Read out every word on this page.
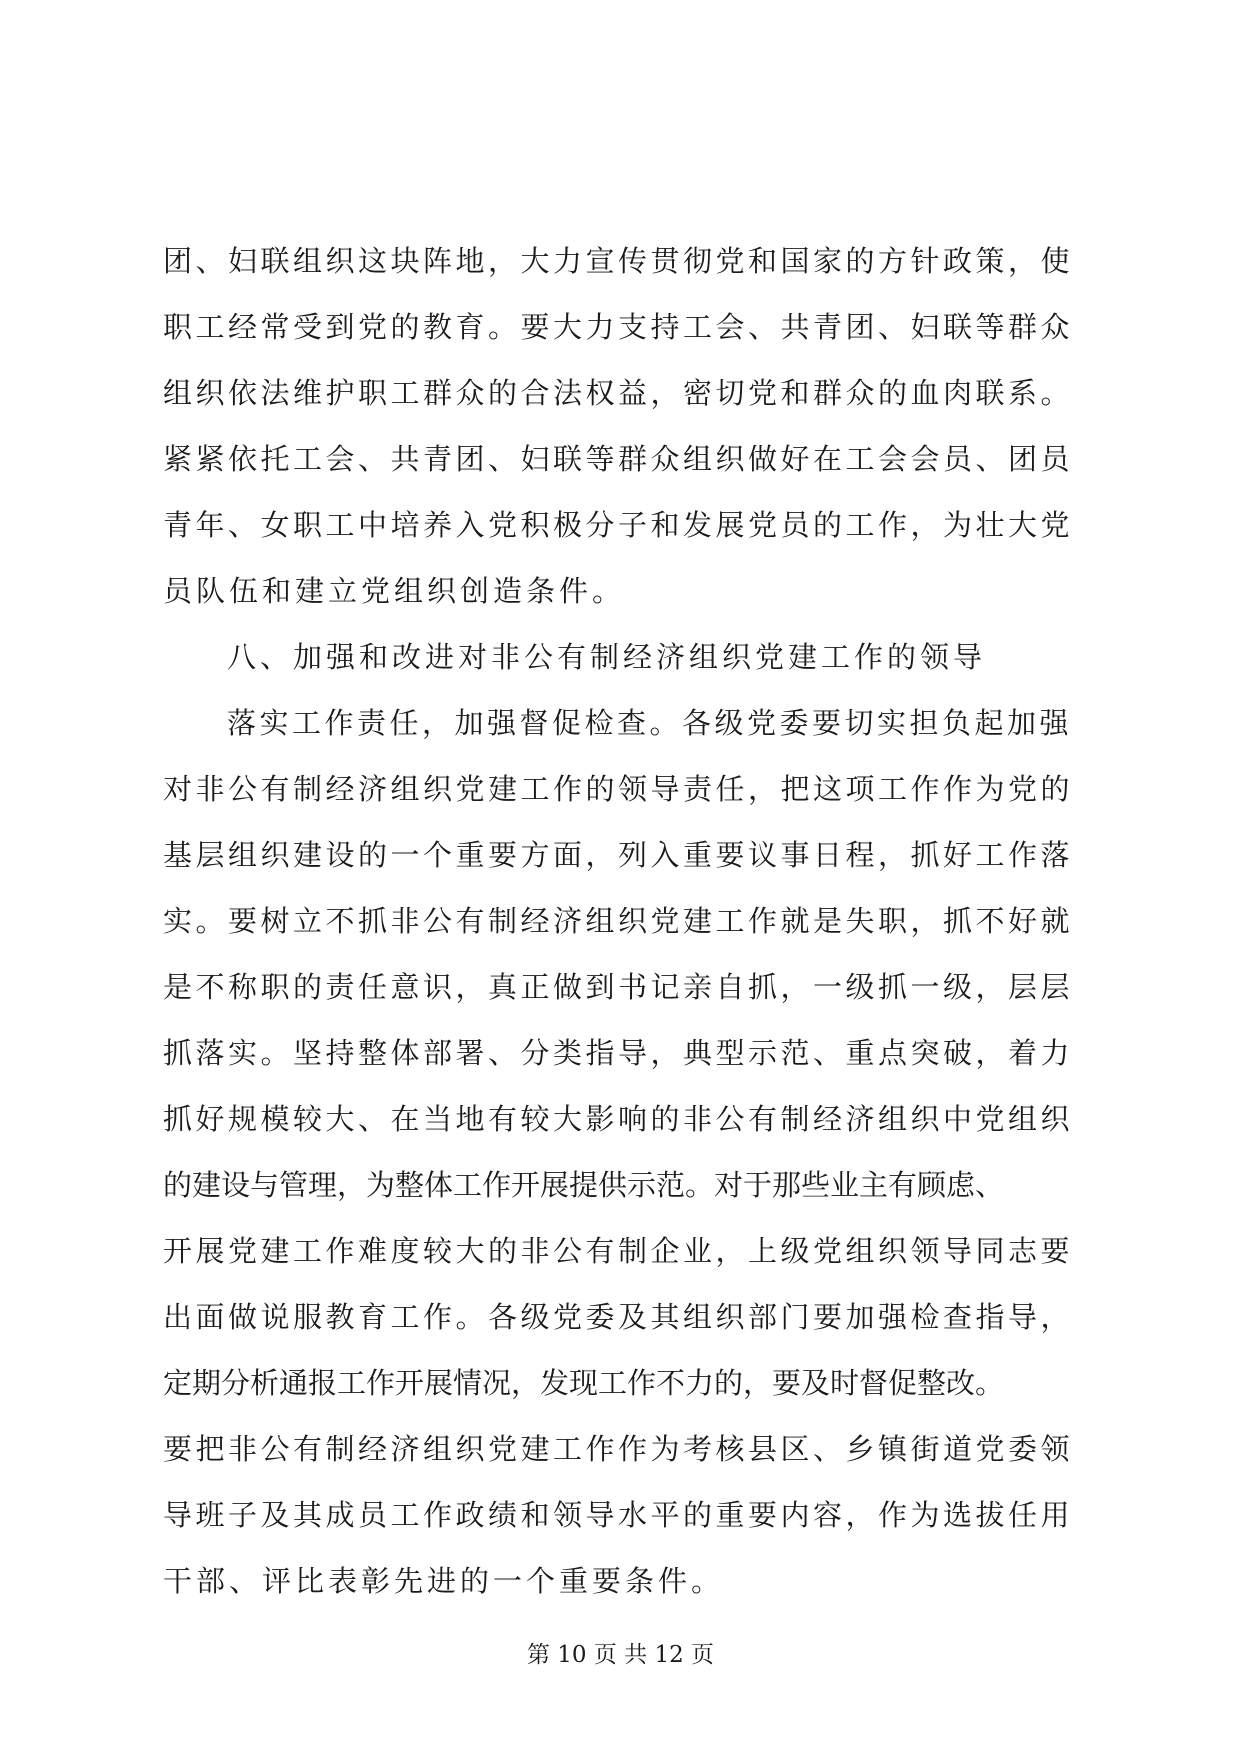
团、妇联组织这块阵地，大力宣传贯彻党和国家的方针政策，使
职工经常受到党的教育。要大力支持工会、共青团、妇联等群众
组织依法维护职工群众的合法权益，密切党和群众的血肉联系。
紧紧依托工会、共青团、妇联等群众组织做好在工会会员、团员
青年、女职工中培养入党积极分子和发展党员的工作，为壮大党
员队伍和建立党组织创造条件。
八、加强和改进对非公有制经济组织党建工作的领导
落实工作责任，加强督促检查。各级党委要切实担负起加强
对非公有制经济组织党建工作的领导责任，把这项工作作为党的
基层组织建设的一个重要方面，列入重要议事日程，抓好工作落
实。要树立不抓非公有制经济组织党建工作就是失职，抓不好就
是不称职的责任意识，真正做到书记亲自抓，一级抓一级，层层
抓落实。坚持整体部署、分类指导，典型示范、重点突破，着力
抓好规模较大、在当地有较大影响的非公有制经济组织中党组织
的建设与管理，为整体工作开展提供示范。对于那些业主有顾虑、
开展党建工作难度较大的非公有制企业，上级党组织领导同志要
出面做说服教育工作。各级党委及其组织部门要加强检查指导，
定期分析通报工作开展情况，发现工作不力的，要及时督促整改。
要把非公有制经济组织党建工作作为考核县区、乡镇街道党委领
导班子及其成员工作政绩和领导水平的重要内容，作为选拔任用
干部、评比表彰先进的一个重要条件。
第 10 页 共 12 页
